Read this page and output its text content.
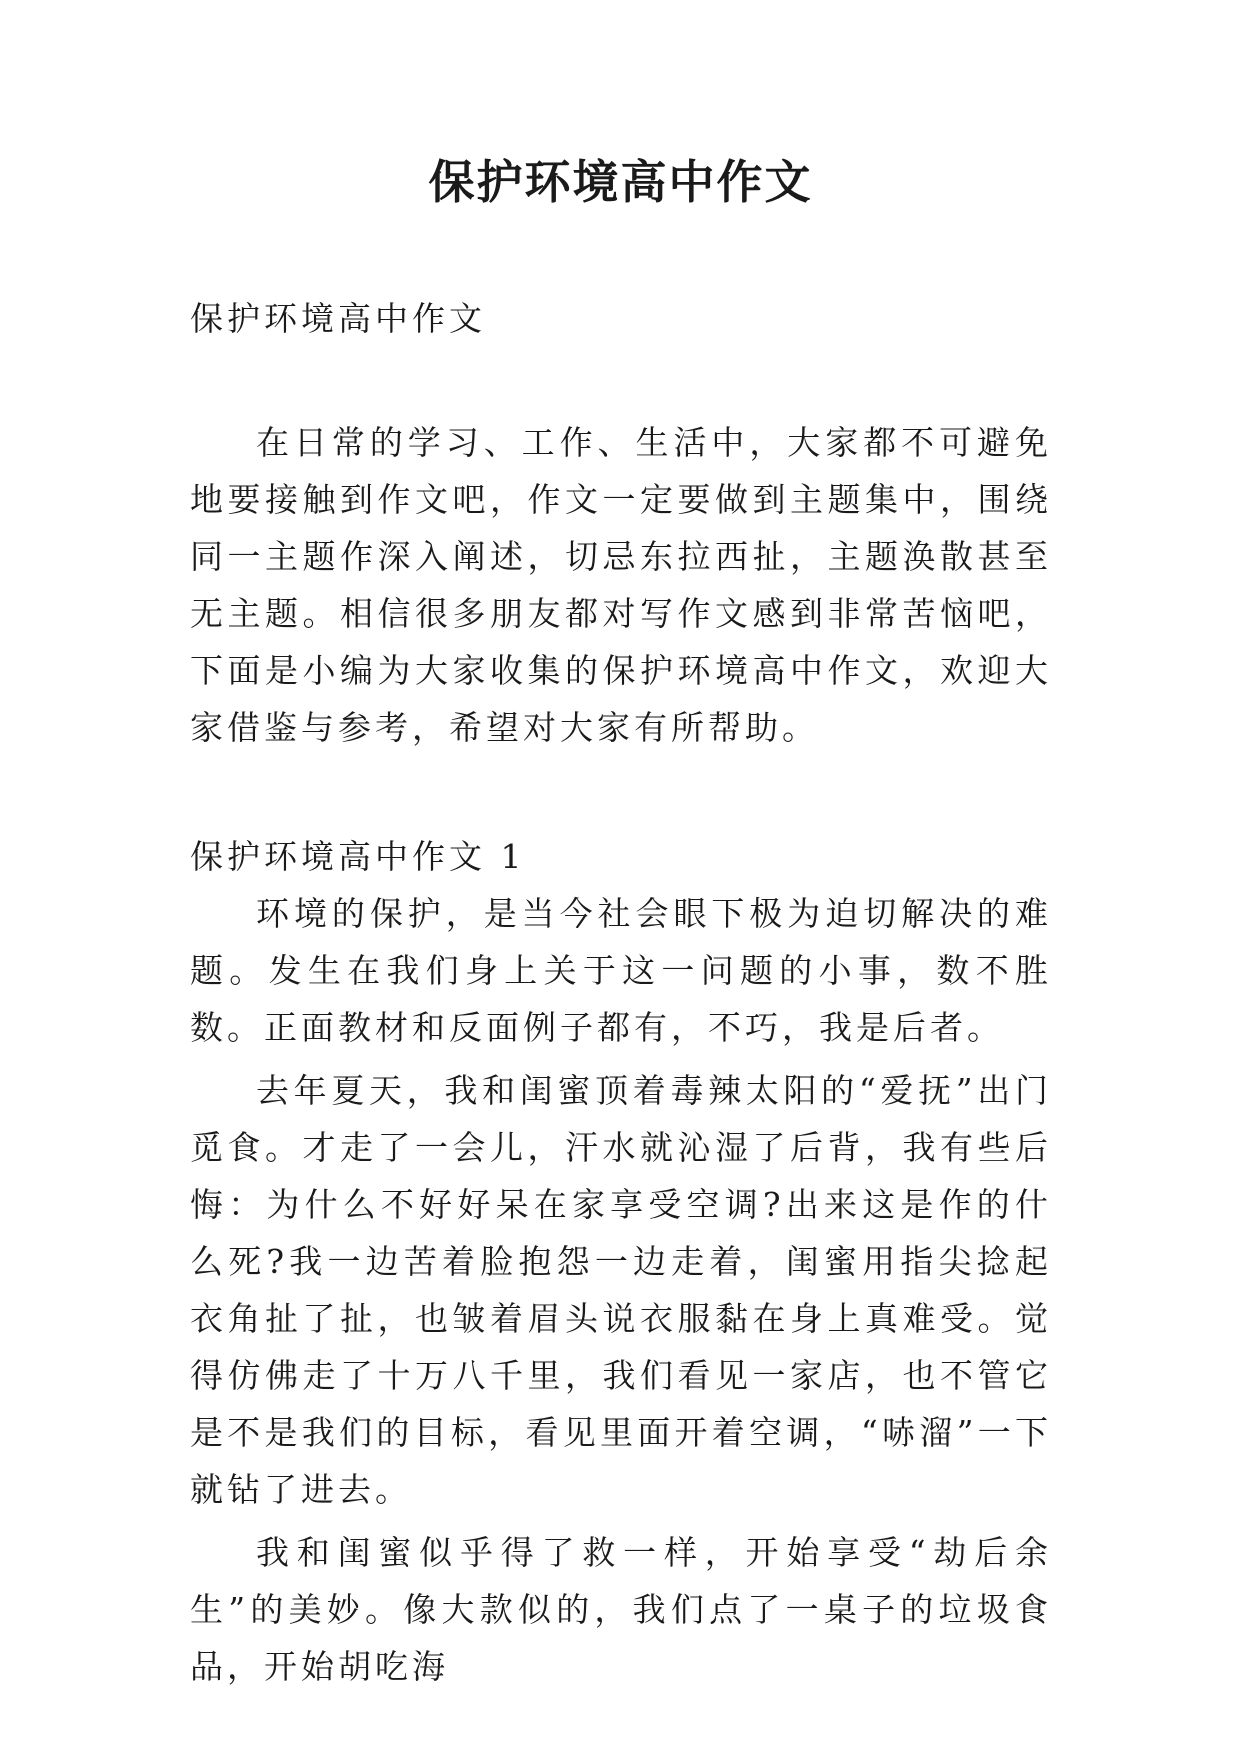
保护环境高中作文

保护环境高中作文

在日常的学习、工作、生活中，大家都不可避免地要接触到作文吧，作文一定要做到主题集中，围绕同一主题作深入阐述，切忌东拉西扯，主题涣散甚至无主题。相信很多朋友都对写作文感到非常苦恼吧，下面是小编为大家收集的保护环境高中作文，欢迎大家借鉴与参考，希望对大家有所帮助。

保护环境高中作文 1

环境的保护，是当今社会眼下极为迫切解决的难题。发生在我们身上关于这一问题的小事，数不胜数。正面教材和反面例子都有，不巧，我是后者。

去年夏天，我和闺蜜顶着毒辣太阳的“爱抚”出门觅食。才走了一会儿，汗水就沁湿了后背，我有些后悔：为什么不好好呆在家享受空调?出来这是作的什么死?我一边苦着脸抱怨一边走着，闺蜜用指尖捻起衣角扯了扯，也皱着眉头说衣服黏在身上真难受。觉得仿佛走了十万八千里，我们看见一家店，也不管它是不是我们的目标，看见里面开着空调，“哧溜”一下就钻了进去。

我和闺蜜似乎得了救一样，开始享受“劫后余生”的美妙。像大款似的，我们点了一桌子的垃圾食品，开始胡吃海
